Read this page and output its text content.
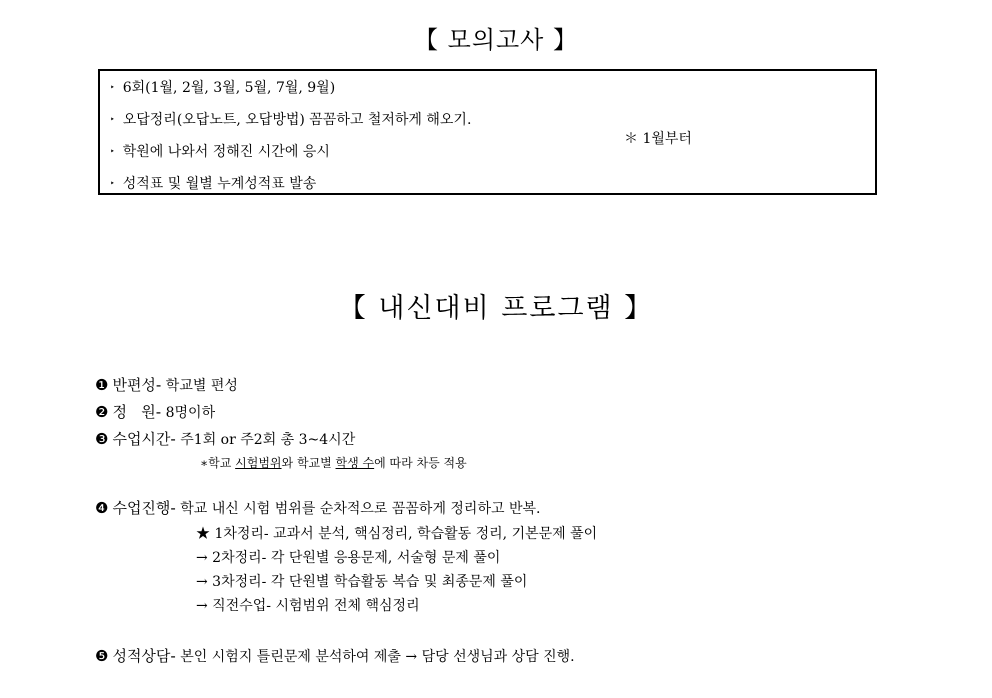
【 모의고사 】
‣ 6회(1월, 2월, 3월, 5월, 7월, 9월)
‣ 오답정리(오답노트, 오답방법) 꼼꼼하고 철저하게 해오기.
‣ 학원에 나와서 정해진 시간에 응시
‣ 성적표 및 월별 누계성적표 발송
＊ 1월부터
【 내신대비 프로그램 】
❶ 반편성- 학교별 편성
❷ 정   원- 8명이하
❸ 수업시간- 주1회 or 주2회 총 3~4시간
∗학교 시험범위와 학교별 학생 수에 따라 차등 적용
❹ 수업진행- 학교 내신 시험 범위를 순차적으로 꼼꼼하게 정리하고 반복.
★ 1차정리- 교과서 분석, 핵심정리, 학습활동 정리, 기본문제 풀이
→ 2차정리- 각 단원별 응용문제, 서술형 문제 풀이
→ 3차정리- 각 단원별 학습활동 복습 및 최종문제 풀이
→ 직전수업- 시험범위 전체 핵심정리
❺ 성적상담- 본인 시험지 틀린문제 분석하여 제출 → 담당 선생님과 상담 진행.
